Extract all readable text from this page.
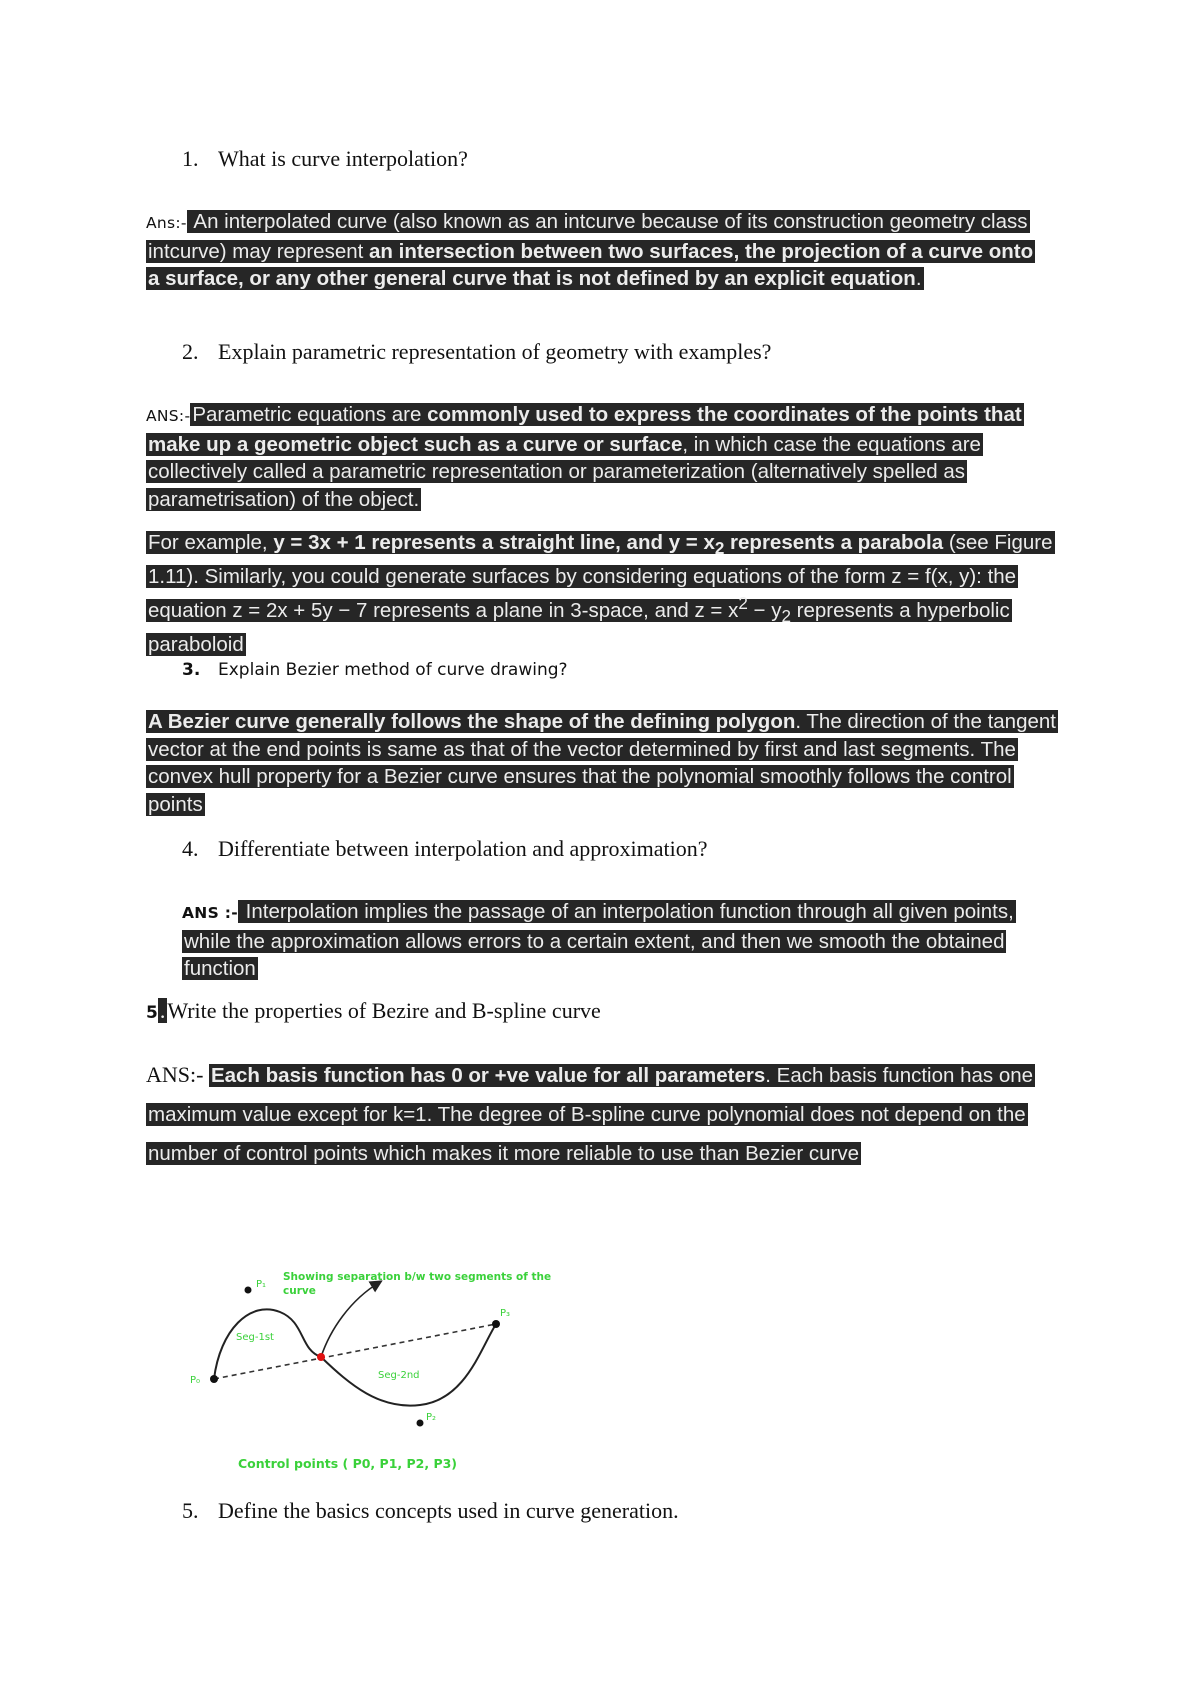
1. What is curve interpolation?

Ans:- An interpolated curve (also known as an intcurve because of its construction geometry class intcurve) may represent an intersection between two surfaces, the projection of a curve onto a surface, or any other general curve that is not defined by an explicit equation.

2. Explain parametric representation of geometry with examples?

ANS:-Parametric equations are commonly used to express the coordinates of the points that make up a geometric object such as a curve or surface, in which case the equations are collectively called a parametric representation or parameterization (alternatively spelled as parametrisation) of the object.

For example, y = 3x + 1 represents a straight line, and $y = x_2$ represents a parabola (see Figure 1.11). Similarly, you could generate surfaces by considering equations of the form z = f(x, y): the equation z = 2x + 5y − 7 represents a plane in 3-space, and $z = x^2 - y_2$ represents a hyperbolic paraboloid

3. Explain Bezier method of curve drawing?

A Bezier curve generally follows the shape of the defining polygon. The direction of the tangent vector at the end points is same as that of the vector determined by first and last segments. The convex hull property for a Bezier curve ensures that the polynomial smoothly follows the control points

4. Differentiate between interpolation and approximation?

ANS :- Interpolation implies the passage of an interpolation function through all given points, while the approximation allows errors to a certain extent, and then we smooth the obtained function

5.Write the properties of Bezire and B-spline curve

ANS:- Each basis function has 0 or +ve value for all parameters. Each basis function has one maximum value except for k=1. The degree of B-spline curve polynomial does not depend on the number of control points which makes it more reliable to use than Bezier curve

P₁
P₀
P₂
P₃
Seg-1st
Seg-2nd
Showing separation b/w two segments of the
curve
Control points ( P0, P1, P2, P3)
5. Define the basics concepts used in curve generation.
